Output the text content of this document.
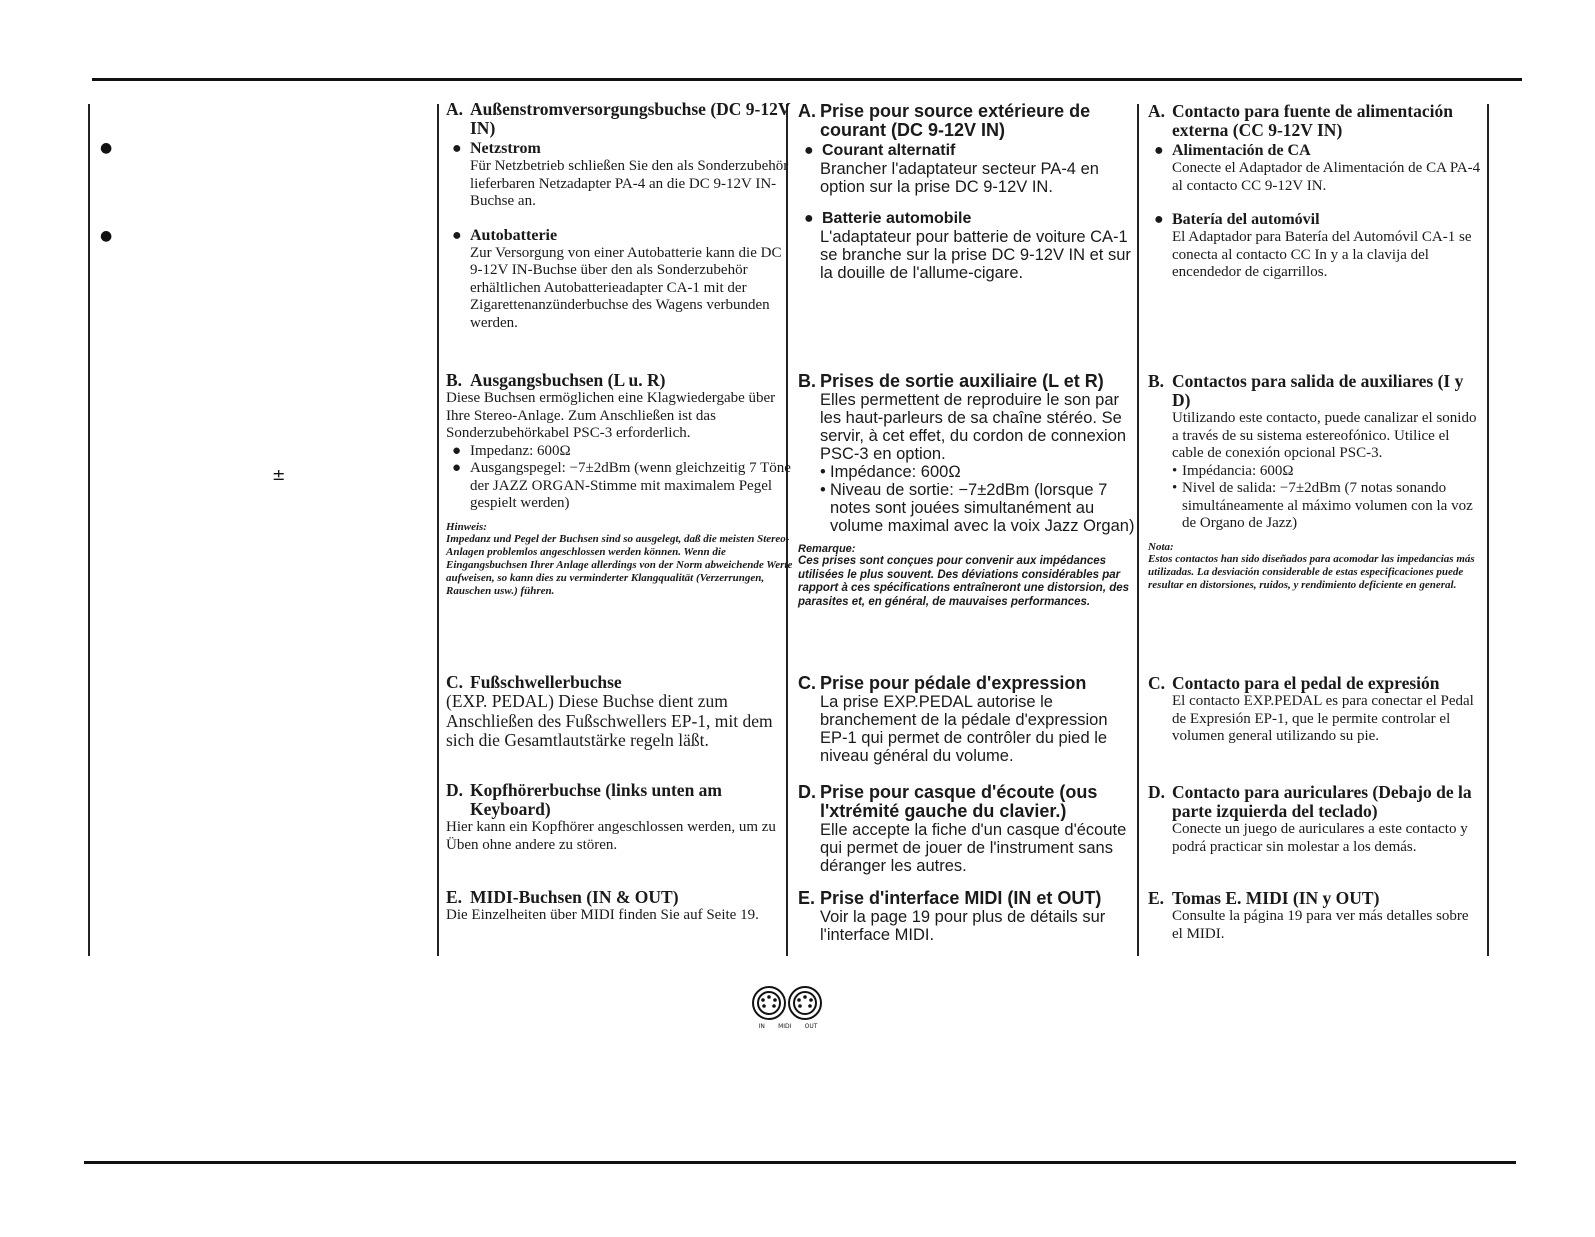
●
●
±

A. Außenstromversorgungsbuchse (DC 9-12V IN)

● Netzstrom

Für Netzbetrieb schließen Sie den als Sonderzubehör lieferbaren Netzadapter PA-4 an die DC 9-12V IN-Buchse an.

● Autobatterie

Zur Versorgung von einer Autobatterie kann die DC 9-12V IN-Buchse über den als Sonderzubehör erhältlichen Autobatterieadapter CA-1 mit der Zigarettenanzünderbuchse des Wagens verbunden werden.

B. Ausgangsbuchsen (L u. R)

Diese Buchsen ermöglichen eine Klagwiedergabe über Ihre Stereo-Anlage. Zum Anschließen ist das Sonderzubehörkabel PSC-3 erforderlich.

● Impedanz: 600Ω

● Ausgangspegel: −7±2dBm (wenn gleichzeitig 7 Töne der JAZZ ORGAN-Stimme mit maximalem Pegel gespielt werden)

Hinweis:

Impedanz und Pegel der Buchsen sind so ausgelegt, daß die meisten Stereo-Anlagen problemlos angeschlossen werden können. Wenn die Eingangsbuchsen Ihrer Anlage allerdings von der Norm abweichende Werte aufweisen, so kann dies zu verminderter Klangqualität (Verzerrungen, Rauschen usw.) führen.

C. Fußschwellerbuchse

(EXP. PEDAL) Diese Buchse dient zum Anschließen des Fußschwellers EP-1, mit dem sich die Gesamtlautstärke regeln läßt.

D. Kopfhörerbuchse (links unten am Keyboard)

Hier kann ein Kopfhörer angeschlossen werden, um zu Üben ohne andere zu stören.

E. MIDI-Buchsen (IN & OUT)

Die Einzelheiten über MIDI finden Sie auf Seite 19.

A. Prise pour source extérieure de courant (DC 9-12V IN)

● Courant alternatif

Brancher l'adaptateur secteur PA-4 en option sur la prise DC 9-12V IN.

● Batterie automobile

L'adaptateur pour batterie de voiture CA-1 se branche sur la prise DC 9-12V IN et sur la douille de l'allume-cigare.

B. Prises de sortie auxiliaire (L et R)

Elles permettent de reproduire le son par les haut-parleurs de sa chaîne stéréo. Se servir, à cet effet, du cordon de connexion PSC-3 en option.

• Impédance: 600Ω

• Niveau de sortie: −7±2dBm (lorsque 7 notes sont jouées simultanément au volume maximal avec la voix Jazz Organ)

Remarque:

Ces prises sont conçues pour convenir aux impédances utilisées le plus souvent. Des déviations considérables par rapport à ces spécifications entraîneront une distorsion, des parasites et, en général, de mauvaises performances.

C. Prise pour pédale d'expression

La prise EXP.PEDAL autorise le branchement de la pédale d'expression EP-1 qui permet de contrôler du pied le niveau général du volume.

D. Prise pour casque d'écoute (ous l'xtrémité gauche du clavier.)

Elle accepte la fiche d'un casque d'écoute qui permet de jouer de l'instrument sans déranger les autres.

E. Prise d'interface MIDI (IN et OUT)

Voir la page 19 pour plus de détails sur l'interface MIDI.

A. Contacto para fuente de alimentación externa (CC 9-12V IN)

● Alimentación de CA

Conecte el Adaptador de Alimentación de CA PA-4 al contacto CC 9-12V IN.

● Batería del automóvil

El Adaptador para Batería del Automóvil CA-1 se conecta al contacto CC In y a la clavija del encendedor de cigarrillos.

B. Contactos para salida de auxiliares (I y D)

Utilizando este contacto, puede canalizar el sonido a través de su sistema estereofónico. Utilice el cable de conexión opcional PSC-3.

• Impédancia: 600Ω

• Nivel de salida: −7±2dBm (7 notas sonando simultáneamente al máximo volumen con la voz de Organo de Jazz)

Nota:

Estos contactos han sido diseñados para acomodar las impedancias más utilizadas. La desviación considerable de estas especificaciones puede resultar en distorsiones, ruidos, y rendimiento deficiente en general.

C. Contacto para el pedal de expresión

El contacto EXP.PEDAL es para conectar el Pedal de Expresión EP-1, que le permite controlar el volumen general utilizando su pie.

D. Contacto para auriculares (Debajo de la parte izquierda del teclado)

Conecte un juego de auriculares a este contacto y podrá practicar sin molestar a los demás.

E. Tomas E. MIDI (IN y OUT)

Consulte la página 19 para ver más detalles sobre el MIDI.

IN MIDI OUT
